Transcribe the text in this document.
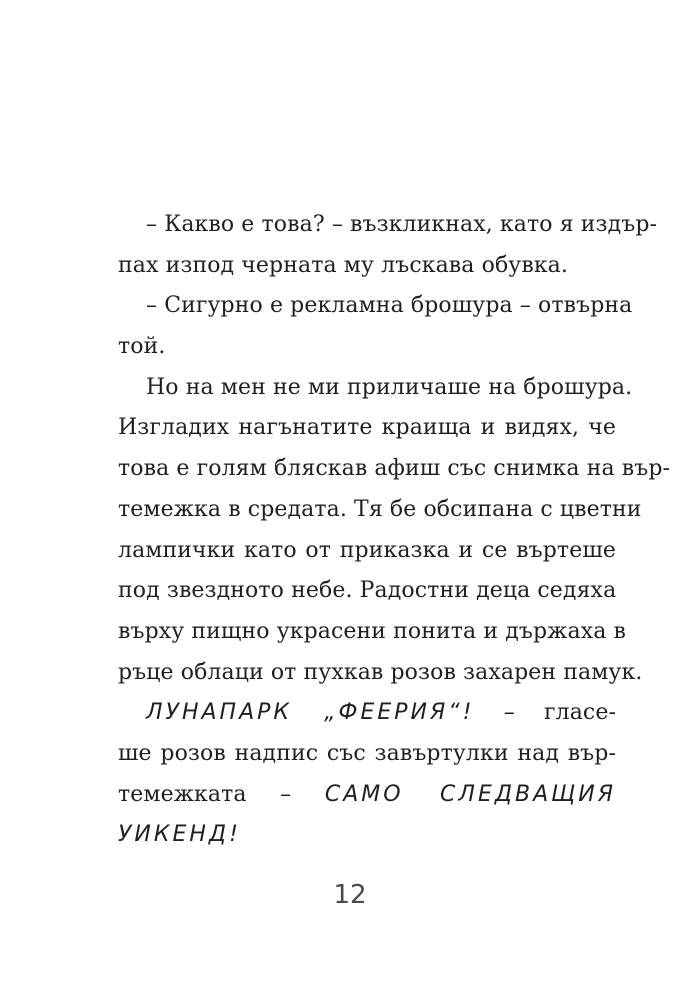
– Какво е това? – възкликнах, като я издър-
пах изпод черната му лъскава обувка.
– Сигурно е рекламна брошура – отвърна
той.
Но на мен не ми приличаше на брошура.
Изгладих нагънатите краища и видях, че
това е голям бляскав афиш със снимка на вър-
темежка в средата. Тя бе обсипана с цветни
лампички като от приказка и се въртеше
под звездното небе. Радостни деца седяха
върху пищно украсени понита и държаха в
ръце облаци от пухкав розов захарен памук.
ЛУНАПАРК „ФЕЕРИЯ“! – гласе-
ше розов надпис със завъртулки над вър-
темежката – САМО СЛЕДВАЩИЯ
УИКЕНД!
12
